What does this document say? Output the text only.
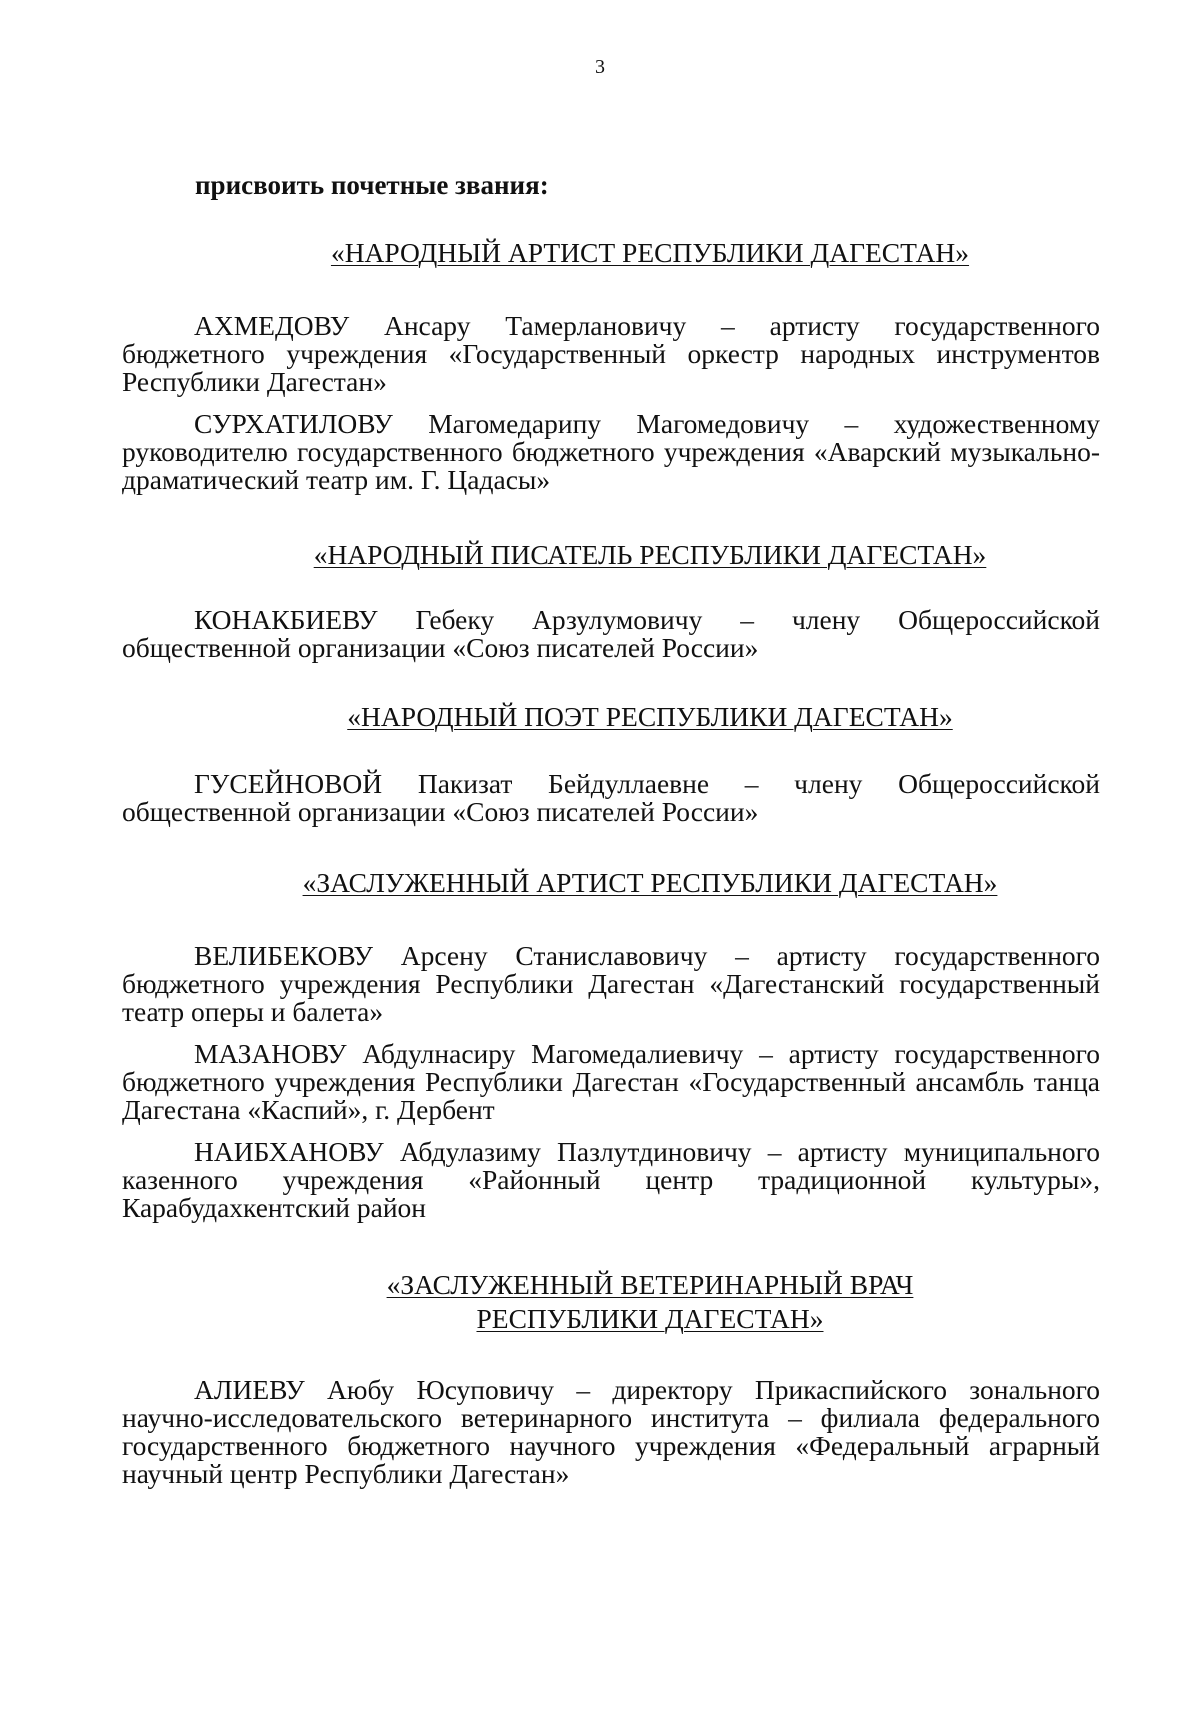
3
присвоить почетные звания:
«НАРОДНЫЙ АРТИСТ РЕСПУБЛИКИ ДАГЕСТАН»
АХМЕДОВУ Ансару Тамерлановичу – артисту государственного бюджетного учреждения «Государственный оркестр народных инструментов Республики Дагестан»
СУРХАТИЛОВУ Магомедарипу Магомедовичу – художественному руководителю государственного бюджетного учреждения «Аварский музыкально-драматический театр им. Г. Цадасы»
«НАРОДНЫЙ ПИСАТЕЛЬ РЕСПУБЛИКИ ДАГЕСТАН»
КОНАКБИЕВУ Гебеку Арзулумовичу – члену Общероссийской общественной организации «Союз писателей России»
«НАРОДНЫЙ ПОЭТ РЕСПУБЛИКИ ДАГЕСТАН»
ГУСЕЙНОВОЙ Пакизат Бейдуллаевне – члену Общероссийской общественной организации «Союз писателей России»
«ЗАСЛУЖЕННЫЙ АРТИСТ РЕСПУБЛИКИ ДАГЕСТАН»
ВЕЛИБЕКОВУ Арсену Станиславовичу – артисту государственного бюджетного учреждения Республики Дагестан «Дагестанский государственный театр оперы и балета»
МАЗАНОВУ Абдулнасиру Магомедалиевичу – артисту государственного бюджетного учреждения Республики Дагестан «Государственный ансамбль танца Дагестана «Каспий», г. Дербент
НАИБХАНОВУ Абдулазиму Пазлутдиновичу – артисту муниципального казенного учреждения «Районный центр традиционной культуры», Карабудахкентский район
«ЗАСЛУЖЕННЫЙ ВЕТЕРИНАРНЫЙ ВРАЧ
РЕСПУБЛИКИ ДАГЕСТАН»
АЛИЕВУ Аюбу Юсуповичу – директору Прикаспийского зонального научно-исследовательского ветеринарного института – филиала федерального государственного бюджетного научного учреждения «Федеральный аграрный научный центр Республики Дагестан»
